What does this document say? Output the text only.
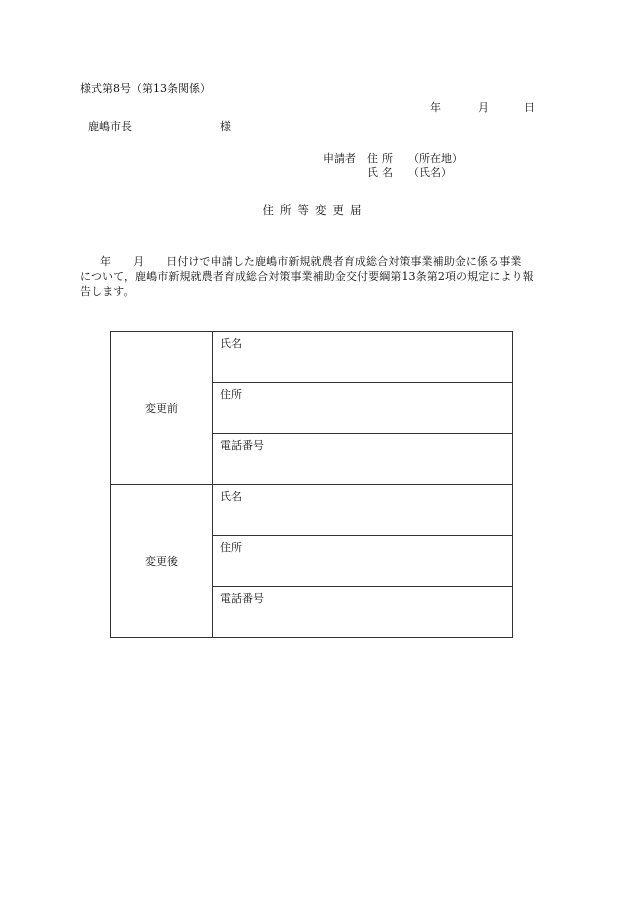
様式第8号（第13条関係）
年	月	日
鹿嶋市長	様
申請者 住所 （所在地）
氏名 （氏名）
住所等変更届
年 月 日付けで申請した鹿嶋市新規就農者育成総合対策事業補助金に係る事業
について，鹿嶋市新規就農者育成総合対策事業補助金交付要綱第13条第2項の規定により報
告します。
変更前	氏名
	住所
	電話番号
変更後	氏名
	住所
	電話番号
